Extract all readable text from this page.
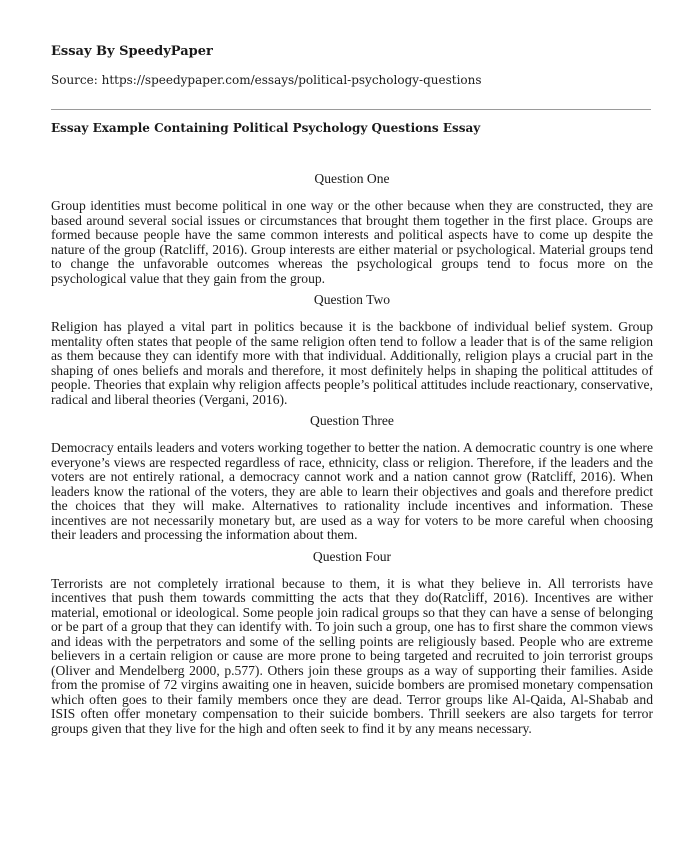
Essay By SpeedyPaper
Source: https://speedypaper.com/essays/political-psychology-questions
Essay Example Containing Political Psychology Questions Essay
Question One

Group identities must become political in one way or the other because when they are constructed, they are based around several social issues or circumstances that brought them together in the first place. Groups are formed because people have the same common interests and political aspects have to come up despite the nature of the group (Ratcliff, 2016). Group interests are either material or psychological. Material groups tend to change the unfavorable outcomes whereas the psychological groups tend to focus more on the psychological value that they gain from the group.

Question Two

Religion has played a vital part in politics because it is the backbone of individual belief system. Group mentality often states that people of the same religion often tend to follow a leader that is of the same religion as them because they can identify more with that individual. Additionally, religion plays a crucial part in the shaping of ones beliefs and morals and therefore, it most definitely helps in shaping the political attitudes of people. Theories that explain why religion affects people’s political attitudes include reactionary, conservative, radical and liberal theories (Vergani, 2016).

Question Three

Democracy entails leaders and voters working together to better the nation. A democratic country is one where everyone’s views are respected regardless of race, ethnicity, class or religion. Therefore, if the leaders and the voters are not entirely rational, a democracy cannot work and a nation cannot grow (Ratcliff, 2016). When leaders know the rational of the voters, they are able to learn their objectives and goals and therefore predict the choices that they will make. Alternatives to rationality include incentives and information. These incentives are not necessarily monetary but, are used as a way for voters to be more careful when choosing their leaders and processing the information about them.

Question Four

Terrorists are not completely irrational because to them, it is what they believe in. All terrorists have incentives that push them towards committing the acts that they do(Ratcliff, 2016). Incentives are wither material, emotional or ideological. Some people join radical groups so that they can have a sense of belonging or be part of a group that they can identify with. To join such a group, one has to first share the common views and ideas with the perpetrators and some of the selling points are religiously based. People who are extreme believers in a certain religion or cause are more prone to being targeted and recruited to join terrorist groups (Oliver and Mendelberg 2000, p.577). Others join these groups as a way of supporting their families. Aside from the promise of 72 virgins awaiting one in heaven, suicide bombers are promised monetary compensation which often goes to their family members once they are dead. Terror groups like Al-Qaida, Al-Shabab and ISIS often offer monetary compensation to their suicide bombers. Thrill seekers are also targets for terror groups given that they live for the high and often seek to find it by any means necessary.
